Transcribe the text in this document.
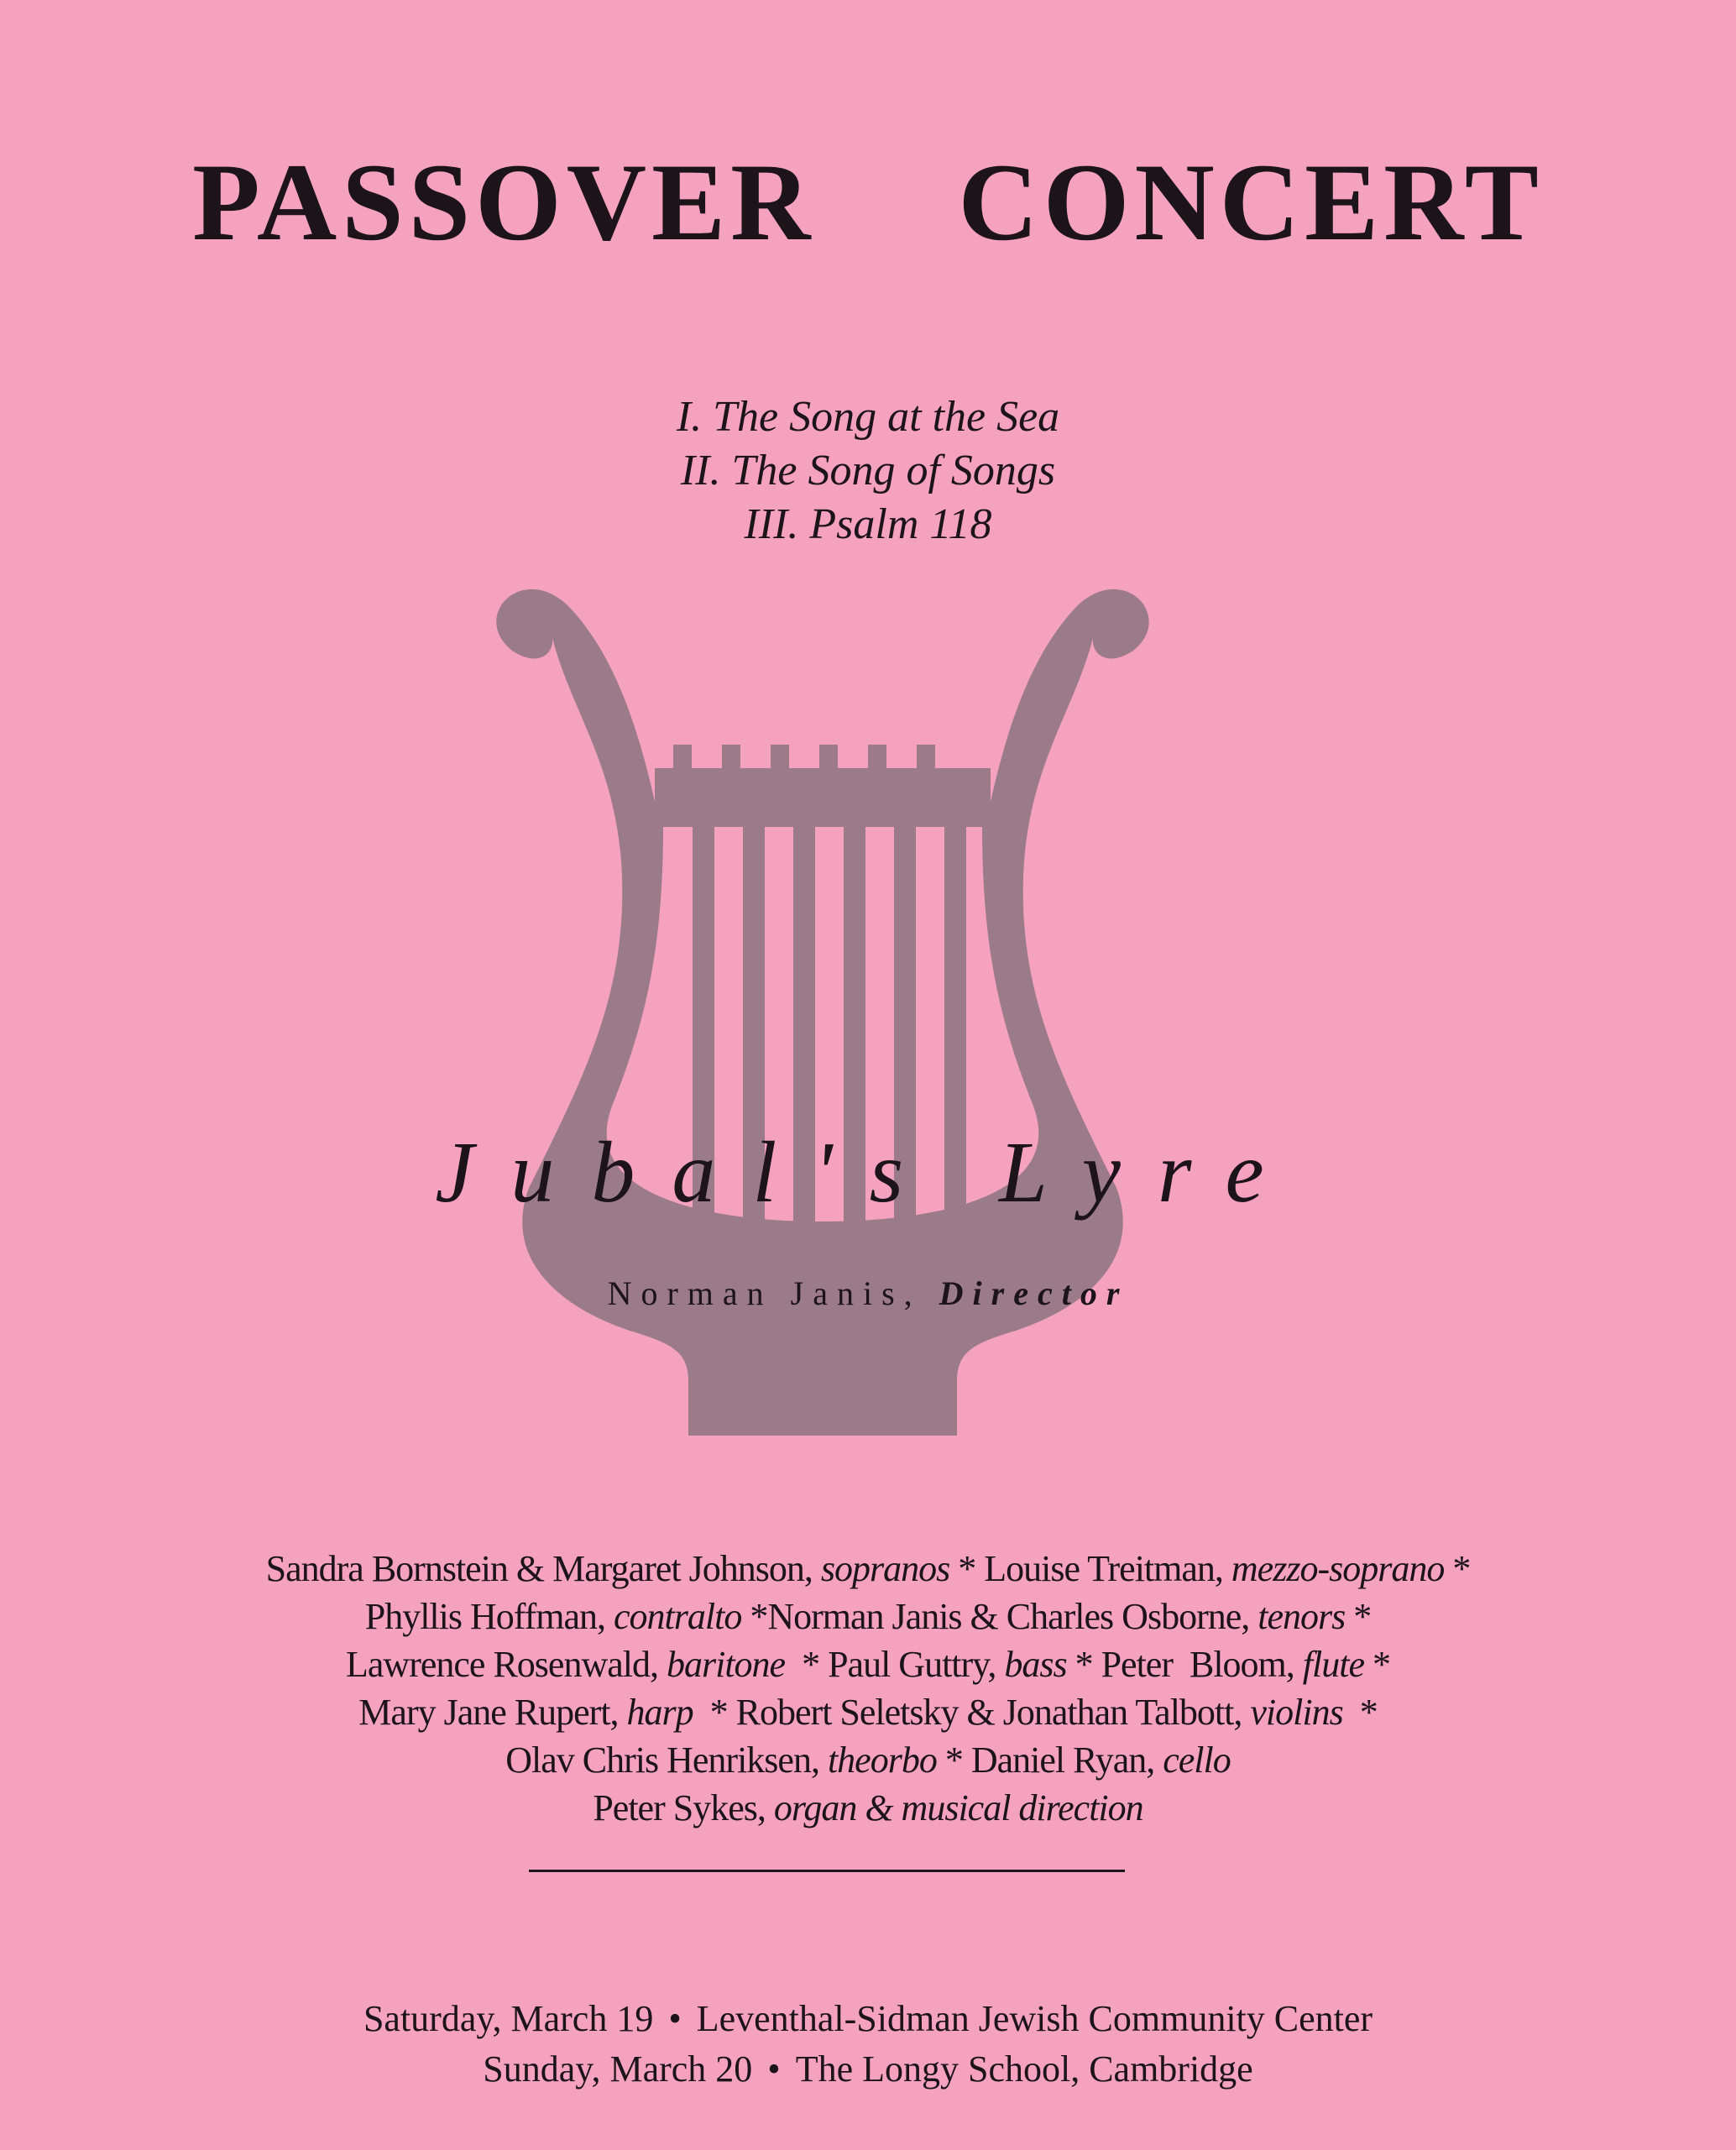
PASSOVER CONCERT
I. The Song at the Sea
II. The Song of Songs
III. Psalm 118
Jubal's Lyre
Norman Janis, Director
Sandra Bornstein & Margaret Johnson, sopranos * Louise Treitman, mezzo-soprano *
Phyllis Hoffman, contralto *Norman Janis & Charles Osborne, tenors *
Lawrence Rosenwald, baritone  * Paul Guttry, bass * Peter  Bloom, flute *
Mary Jane Rupert, harp  * Robert Seletsky & Jonathan Talbott, violins  *
Olav Chris Henriksen, theorbo * Daniel Ryan, cello
Peter Sykes, organ & musical direction
Saturday, March 19 • Leventhal-Sidman Jewish Community Center
Sunday, March 20 • The Longy School, Cambridge
